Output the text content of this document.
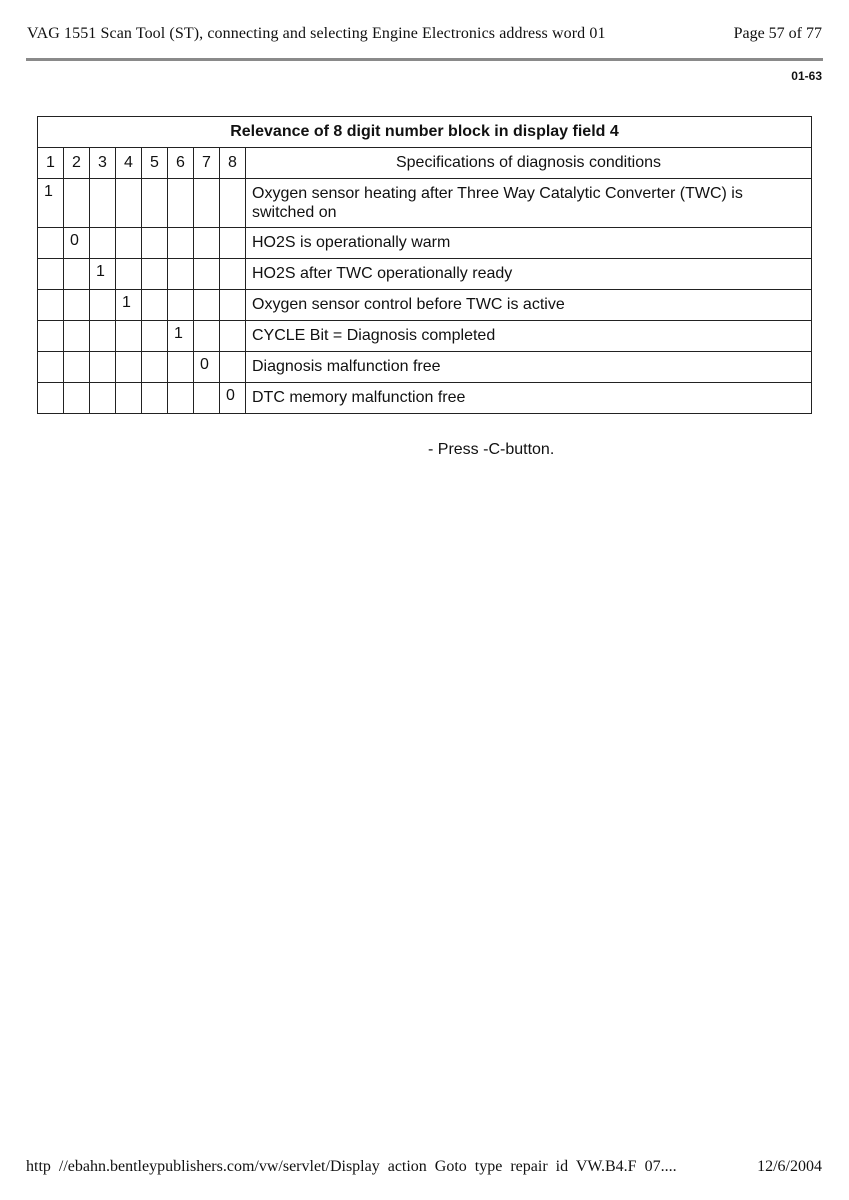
VAG 1551 Scan Tool (ST), connecting and selecting Engine Electronics address word 01	Page 57 of 77
01-63
Relevance of 8 digit number block in display field 4								
1	2	3	4	5	6	7	8	Specifications of diagnosis conditions
1								Oxygen sensor heating after Three Way Catalytic Converter (TWC) is switched on
	0							HO2S is operationally warm
		1						HO2S after TWC operationally ready
			1					Oxygen sensor control before TWC is active
					1			CYCLE Bit = Diagnosis completed
						0		Diagnosis malfunction free
							0	DTC memory malfunction free
- Press -C-button.
http //ebahn.bentleypublishers.com/vw/servlet/Display action Goto type repair id VW.B4.F 07....	12/6/2004
